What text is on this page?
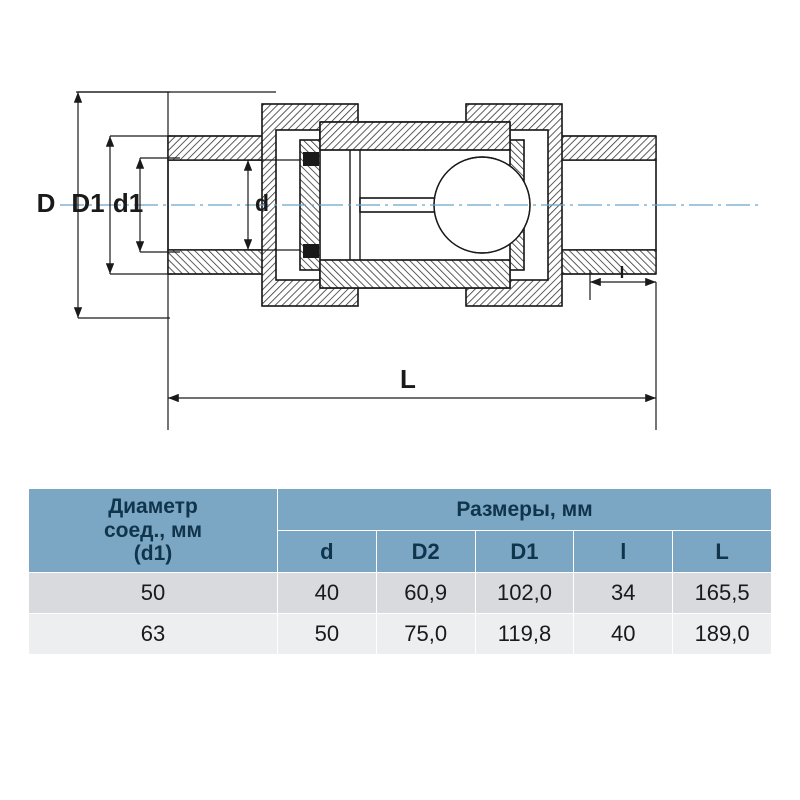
D D1 d1	d
L
l
Диаметр
соед., мм
(d1)	Размеры, мм				
	d	D2	D1	l	L
50	40	60,9	102,0	34	165,5
63	50	75,0	119,8	40	189,0
